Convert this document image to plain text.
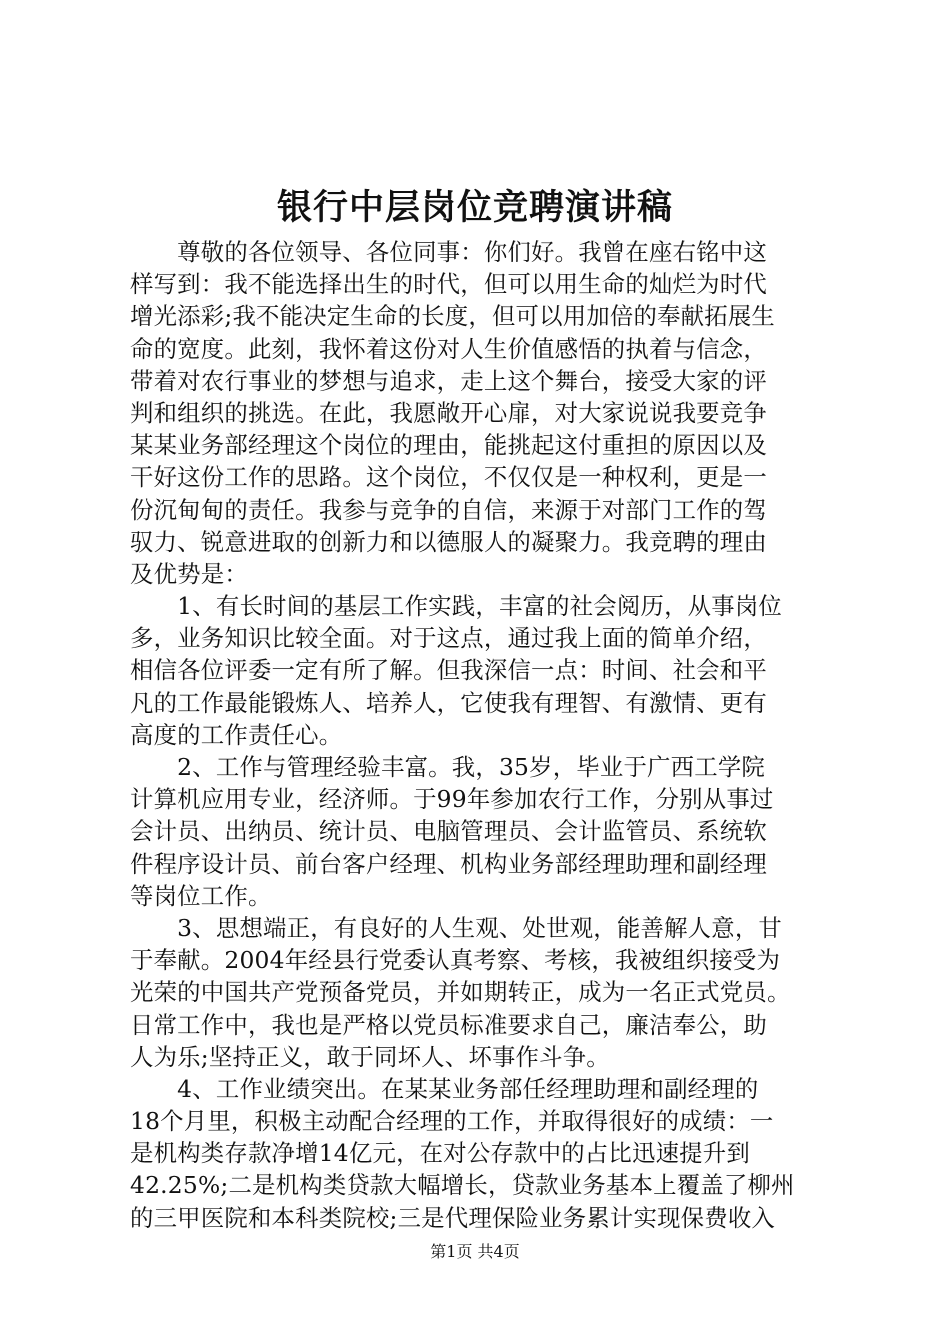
银行中层岗位竞聘演讲稿
　　尊敬的各位领导、各位同事：你们好。我曾在座右铭中这
样写到：我不能选择出生的时代，但可以用生命的灿烂为时代
增光添彩;我不能决定生命的长度，但可以用加倍的奉献拓展生
命的宽度。此刻，我怀着这份对人生价值感悟的执着与信念，
带着对农行事业的梦想与追求，走上这个舞台，接受大家的评
判和组织的挑选。在此，我愿敞开心扉，对大家说说我要竞争
某某业务部经理这个岗位的理由，能挑起这付重担的原因以及
干好这份工作的思路。这个岗位，不仅仅是一种权利，更是一
份沉甸甸的责任。我参与竞争的自信，来源于对部门工作的驾
驭力、锐意进取的创新力和以德服人的凝聚力。我竞聘的理由
及优势是：
　　1、有长时间的基层工作实践，丰富的社会阅历，从事岗位
多，业务知识比较全面。对于这点，通过我上面的简单介绍，
相信各位评委一定有所了解。但我深信一点：时间、社会和平
凡的工作最能锻炼人、培养人，它使我有理智、有激情、更有
高度的工作责任心。
　　2、工作与管理经验丰富。我，35岁，毕业于广西工学院
计算机应用专业，经济师。于99年参加农行工作，分别从事过
会计员、出纳员、统计员、电脑管理员、会计监管员、系统软
件程序设计员、前台客户经理、机构业务部经理助理和副经理
等岗位工作。
　　3、思想端正，有良好的人生观、处世观，能善解人意，甘
于奉献。2004年经县行党委认真考察、考核，我被组织接受为
光荣的中国共产党预备党员，并如期转正，成为一名正式党员。
日常工作中，我也是严格以党员标准要求自己，廉洁奉公，助
人为乐;坚持正义，敢于同坏人、坏事作斗争。
　　4、工作业绩突出。在某某业务部任经理助理和副经理的
18个月里，积极主动配合经理的工作，并取得很好的成绩：一
是机构类存款净增14亿元，在对公存款中的占比迅速提升到
42.25%;二是机构类贷款大幅增长，贷款业务基本上覆盖了柳州
的三甲医院和本科类院校;三是代理保险业务累计实现保费收入
第1页 共4页
